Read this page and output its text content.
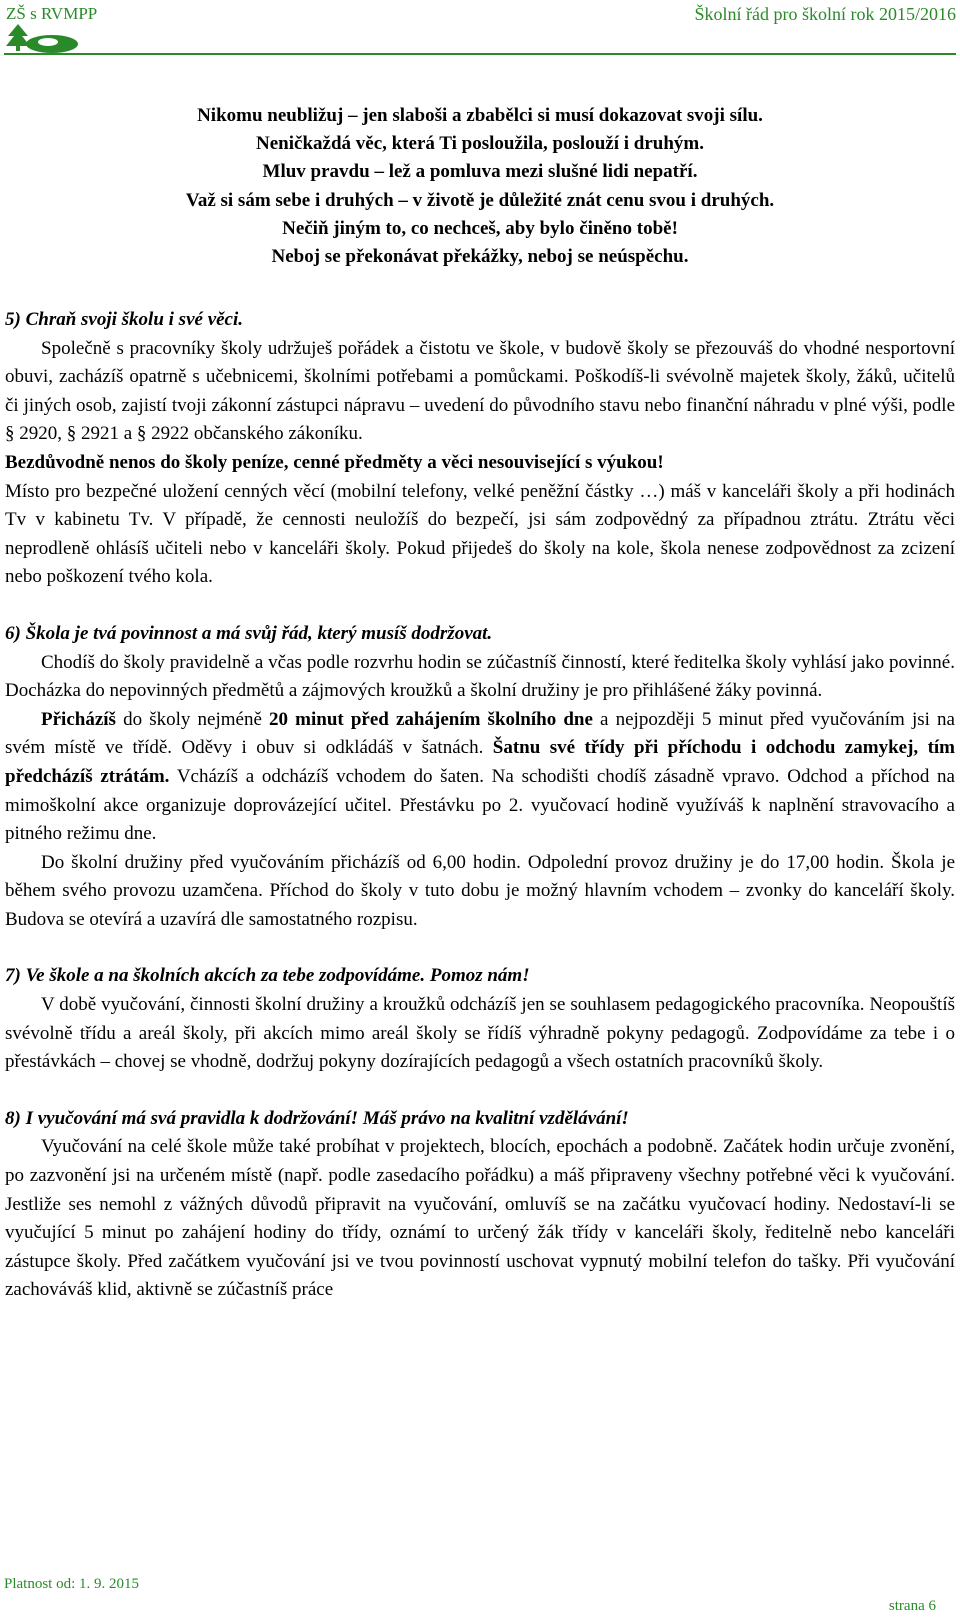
ZŠ s RVMPP	Školní řád pro školní rok 2015/2016

Nikomu neubližuj – jen slaboši a zbabělci si musí dokazovat svoji sílu.

Neničkaždá věc, která Ti posloužila, poslouží i druhým.

Mluv pravdu – lež a pomluva mezi slušné lidi nepatří.

Važ si sám sebe i druhých – v životě je důležité znát cenu svou i druhých.

Nečiň jiným to, co nechceš, aby bylo činěno tobě!

Neboj se překonávat překážky, neboj se neúspěchu.

5) Chraň svoji školu i své věci.

Společně s pracovníky školy udržuješ pořádek a čistotu ve škole, v budově školy se přezouváš do vhodné nesportovní obuvi, zacházíš opatrně s učebnicemi, školními potřebami a pomůckami. Poškodíš-li svévolně majetek školy, žáků, učitelů či jiných osob, zajistí tvoji zákonní zástupci nápravu – uvedení do původního stavu nebo finanční náhradu v plné výši, podle § 2920, § 2921 a § 2922 občanského zákoníku.

Bezdůvodně nenos do školy peníze, cenné předměty a věci nesouvisející s výukou!

Místo pro bezpečné uložení cenných věcí (mobilní telefony, velké peněžní částky …) máš v kanceláři školy a při hodinách Tv v kabinetu Tv. V případě, že cennosti neuložíš do bezpečí, jsi sám zodpovědný za případnou ztrátu. Ztrátu věci neprodleně ohlásíš učiteli nebo v kanceláři školy. Pokud přijedeš do školy na kole, škola nenese zodpovědnost za zcizení nebo poškození tvého kola.

6) Škola je tvá povinnost a má svůj řád, který musíš dodržovat.

Chodíš do školy pravidelně a včas podle rozvrhu hodin se zúčastníš činností, které ředitelka školy vyhlásí jako povinné. Docházka do nepovinných předmětů a zájmových kroužků a školní družiny je pro přihlášené žáky povinná.

Přicházíš do školy nejméně 20 minut před zahájením školního dne a nejpozději 5 minut před vyučováním jsi na svém místě ve třídě. Oděvy i obuv si odkládáš v šatnách. Šatnu své třídy při příchodu i odchodu zamykej, tím předcházíš ztrátám. Vcházíš a odcházíš vchodem do šaten. Na schodišti chodíš zásadně vpravo. Odchod a příchod na mimoškolní akce organizuje doprovázející učitel. Přestávku po 2. vyučovací hodině využíváš k naplnění stravovacího a pitného režimu dne.

Do školní družiny před vyučováním přicházíš od 6,00 hodin. Odpolední provoz družiny je do 17,00 hodin. Škola je během svého provozu uzamčena. Příchod do školy v tuto dobu je možný hlavním vchodem – zvonky do kanceláří školy. Budova se otevírá a uzavírá dle samostatného rozpisu.

7) Ve škole a na školních akcích za tebe zodpovídáme. Pomoz nám!

V době vyučování, činnosti školní družiny a kroužků odcházíš jen se souhlasem pedagogického pracovníka. Neopouštíš svévolně třídu a areál školy, při akcích mimo areál školy se řídíš výhradně pokyny pedagogů. Zodpovídáme za tebe i o přestávkách – chovej se vhodně, dodržuj pokyny dozírajících pedagogů a všech ostatních pracovníků školy.

8) I vyučování má svá pravidla k dodržování! Máš právo na kvalitní vzdělávání!

Vyučování na celé škole může také probíhat v projektech, blocích, epochách a podobně. Začátek hodin určuje zvonění, po zazvonění jsi na určeném místě (např. podle zasedacího pořádku) a máš připraveny všechny potřebné věci k vyučování. Jestliže ses nemohl z vážných důvodů připravit na vyučování, omluvíš se na začátku vyučovací hodiny. Nedostaví-li se vyučující 5 minut po zahájení hodiny do třídy, oznámí to určený žák třídy v kanceláři školy, ředitelně nebo kanceláři zástupce školy. Před začátkem vyučování jsi ve tvou povinností uschovat vypnutý mobilní telefon do tašky. Při vyučování zachováváš klid, aktivně se zúčastníš práce

Platnost od: 1. 9. 2015
strana 6
